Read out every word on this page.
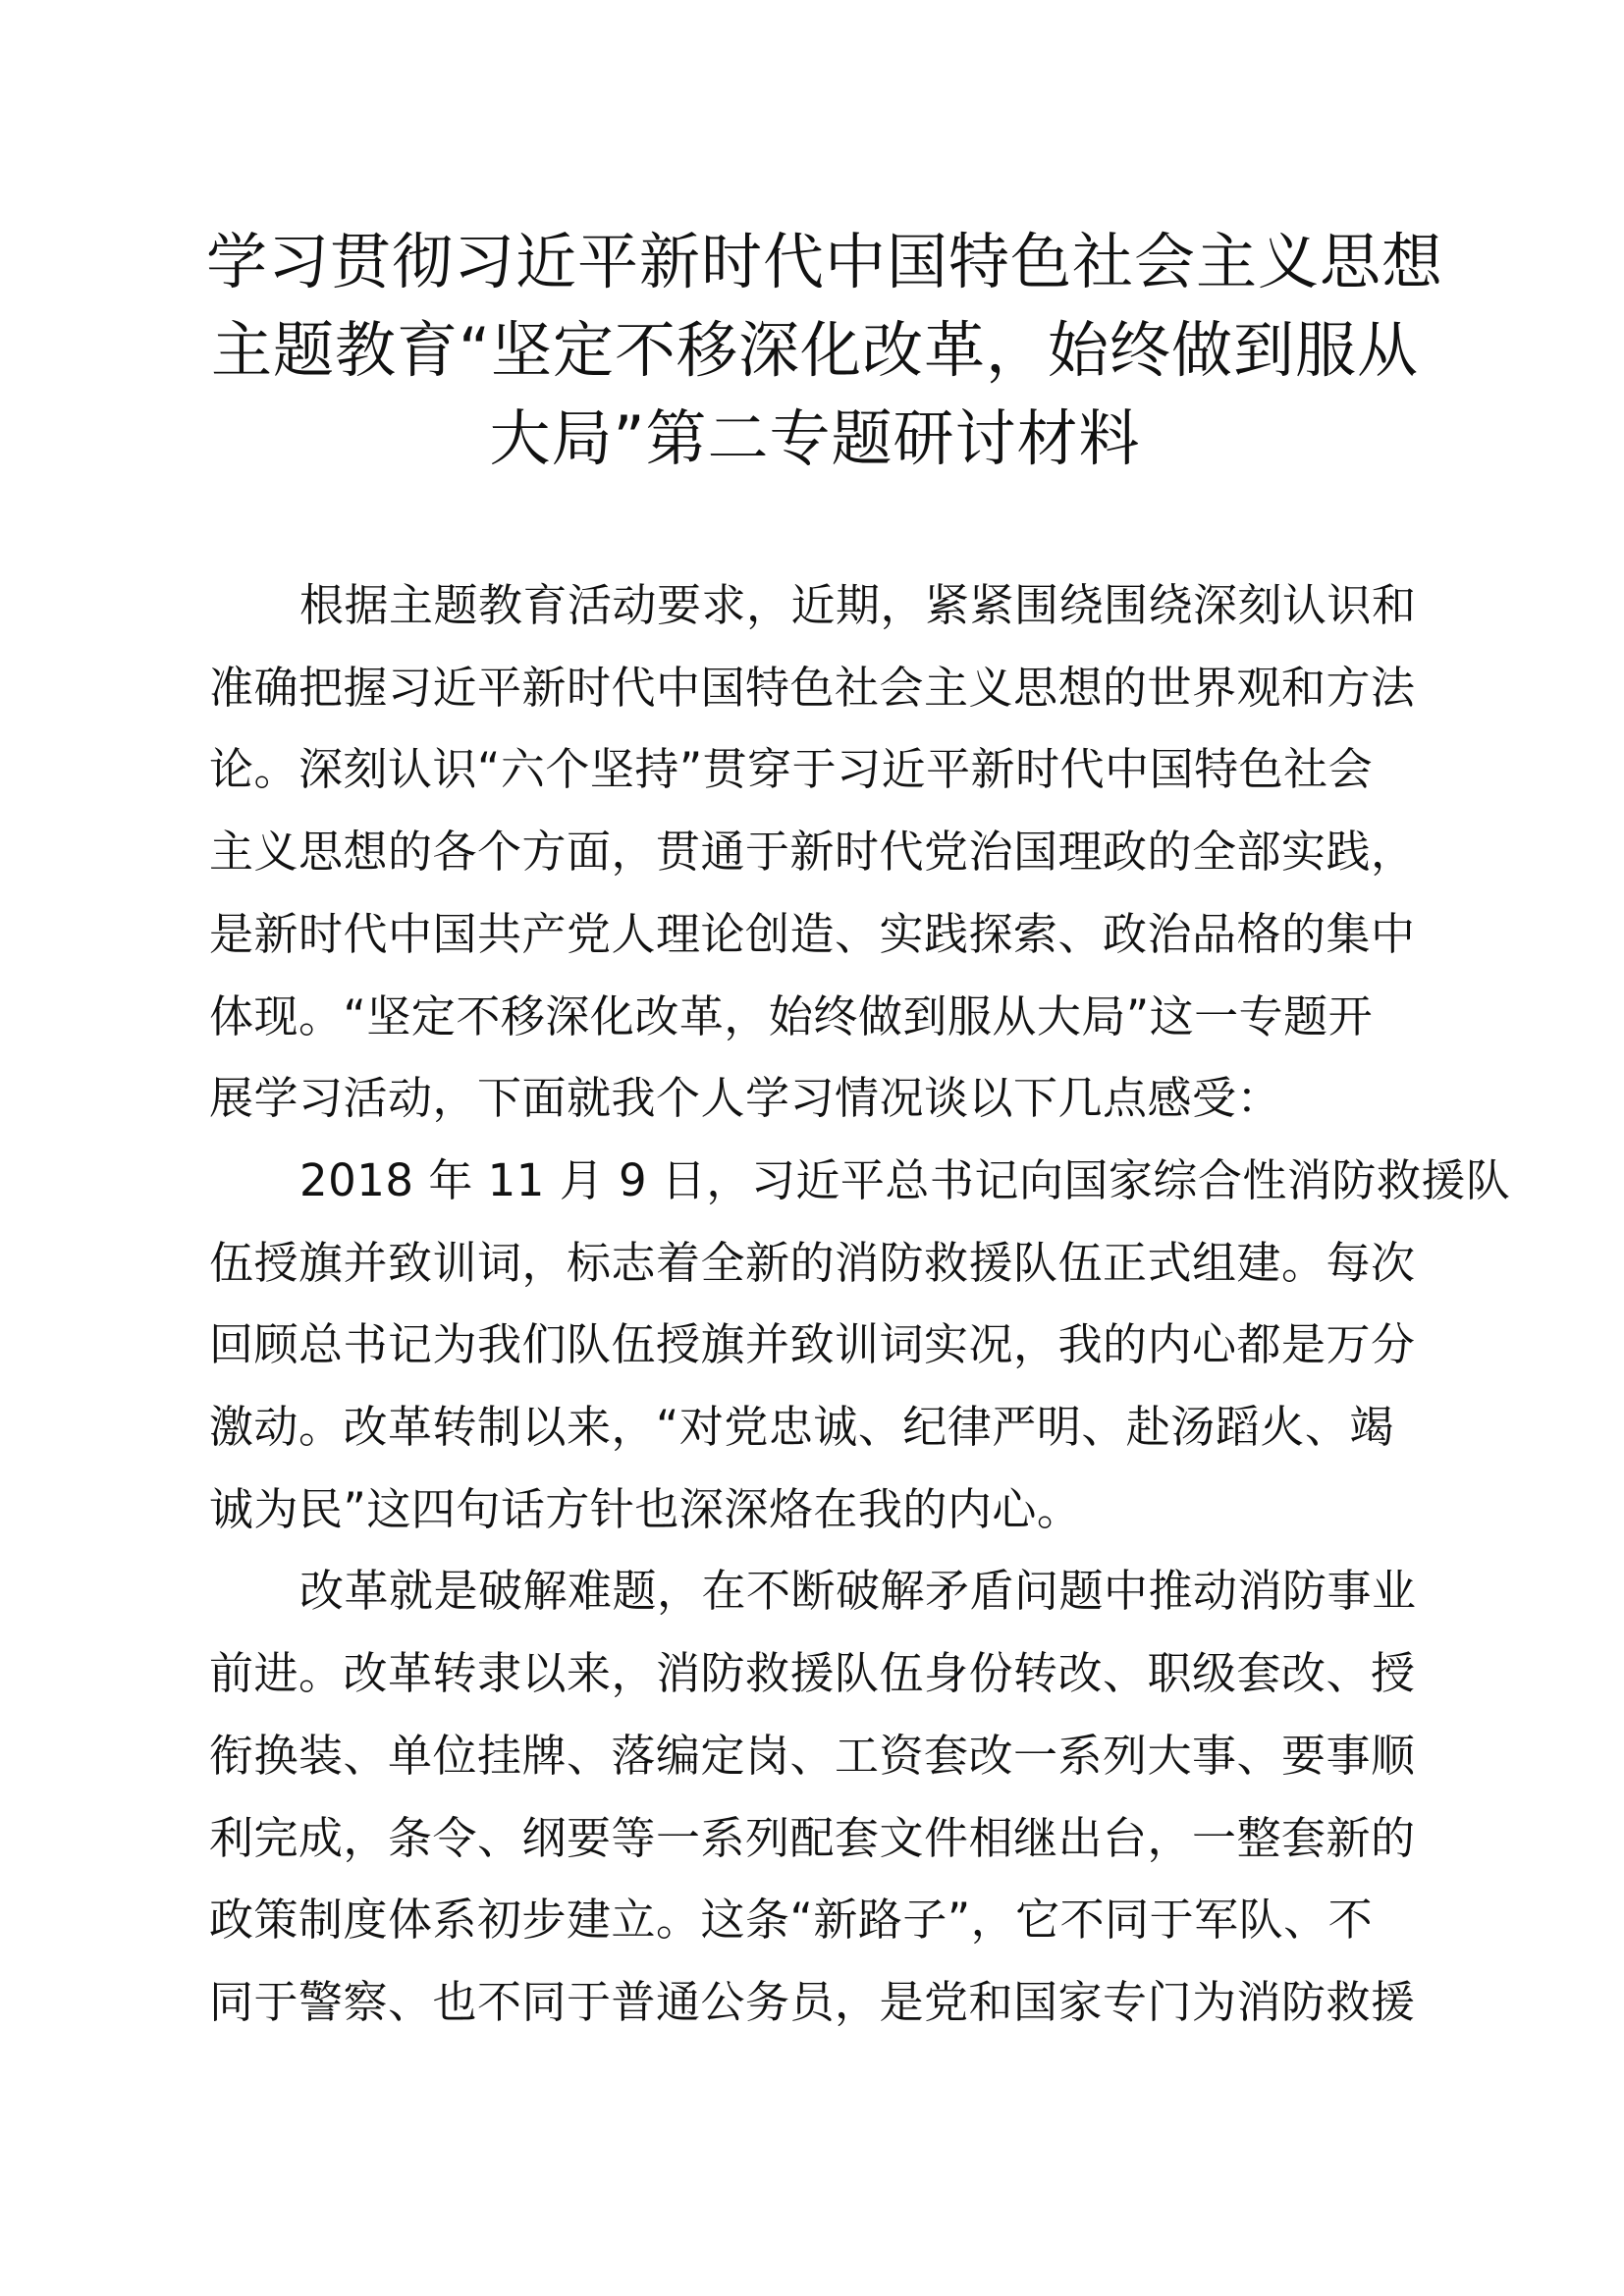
学习贯彻习近平新时代中国特色社会主义思想
主题教育“坚定不移深化改革，始终做到服从
大局”第二专题研讨材料

根据主题教育活动要求，近期，紧紧围绕围绕深刻认识和
准确把握习近平新时代中国特色社会主义思想的世界观和方法
论。深刻认识“六个坚持”贯穿于习近平新时代中国特色社会
主义思想的各个方面，贯通于新时代党治国理政的全部实践，
是新时代中国共产党人理论创造、实践探索、政治品格的集中
体现。“坚定不移深化改革，始终做到服从大局”这一专题开
展学习活动，下面就我个人学习情况谈以下几点感受：

2018 年 11 月 9 日，习近平总书记向国家综合性消防救援队
伍授旗并致训词，标志着全新的消防救援队伍正式组建。每次
回顾总书记为我们队伍授旗并致训词实况，我的内心都是万分
激动。改革转制以来，“对党忠诚、纪律严明、赴汤蹈火、竭
诚为民”这四句话方针也深深烙在我的内心。

改革就是破解难题，在不断破解矛盾问题中推动消防事业
前进。改革转隶以来，消防救援队伍身份转改、职级套改、授
衔换装、单位挂牌、落编定岗、工资套改一系列大事、要事顺
利完成，条令、纲要等一系列配套文件相继出台，一整套新的
政策制度体系初步建立。这条“新路子”，它不同于军队、不
同于警察、也不同于普通公务员，是党和国家专门为消防救援
